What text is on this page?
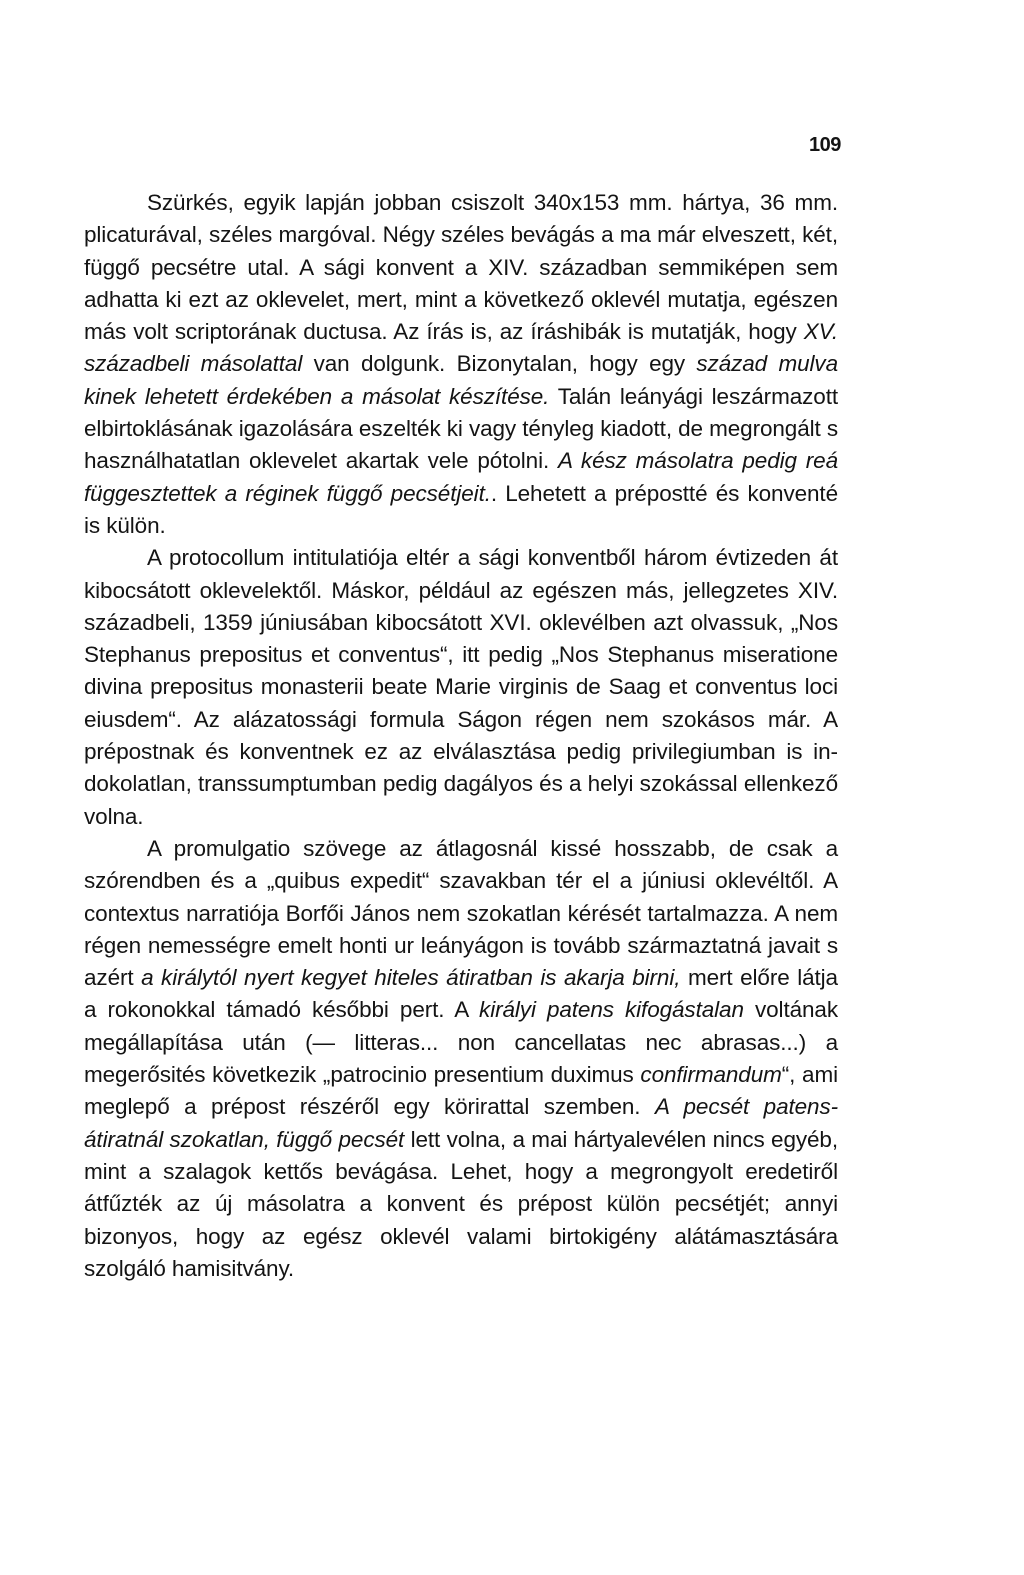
109

Szürkés, egyik lapján jobban csiszolt 340x153 mm. hártya, 36 mm. plicaturával, széles margóval. Négy széles bevágás a ma már elveszett, két, függő pecsétre utal. A sági konvent a XIV. században semmiképen sem adhatta ki ezt az oklevelet, mert, mint a következő oklevél mutatja, egészen más volt scriptorának ductusa. Az írás is, az íráshibák is mutatják, hogy XV. századbeli másolattal van dolgunk. Bizonytalan, hogy egy század mulva kinek lehetett érdekében a másolat készítése. Talán leányági leszármazott elbirtoklásának igazolására eszelték ki vagy tényleg kiadott, de megrongált s használhatatlan oklevelet akartak vele pótolni. A kész másolatra pedig reá függesztettek a réginek függő pecsétjeit.. Lehetett a prépostté és konventé is külön.

A protocollum intitulatiója eltér a sági konventből három évtizeden át kibocsátott oklevelektől. Máskor, például az egészen más, jellegzetes XIV. századbeli, 1359 júniusában kibocsátott XVI. oklevélben azt olvassuk, „Nos Stephanus prepositus et conventus“, itt pedig „Nos Stephanus miseratione divina prepositus monasterii beate Marie virginis de Saag et conventus loci eiusdem“. Az alázatossági formula Ságon régen nem szokásos már. A prépostnak és konventnek ez az elválasztása pedig privilegiumban is indokolatlan, transsumptumban pedig dagályos és a helyi szokással ellenkező volna.

A promulgatio szövege az átlagosnál kissé hosszabb, de csak a szórendben és a „quibus expedit“ szavakban tér el a júniusi oklevéltől. A contextus narratiója Borfői János nem szokatlan kérését tartalmazza. A nem régen nemességre emelt honti ur leányágon is tovább származtatná javait s azért a királytól nyert kegyet hiteles átiratban is akarja birni, mert előre látja a rokonokkal támadó későbbi pert. A királyi patens kifogástalan voltának megállapítása után (— litteras... non cancellatas nec abrasas...) a megerősités következik „patrocinio presentium duximus confirmandum“, ami meglepő a prépost részéről egy körirattal szemben. A pecsét patens-átiratnál szokatlan, függő pecsét lett volna, a mai hártyalevélen nincs egyéb, mint a szalagok kettős bevágása. Lehet, hogy a megrongyolt eredetiről átfűzték az új másolatra a konvent és prépost külön pecsétjét; annyi bizonyos, hogy az egész oklevél valami birtokigény alátámasztására szolgáló hamisitvány.
